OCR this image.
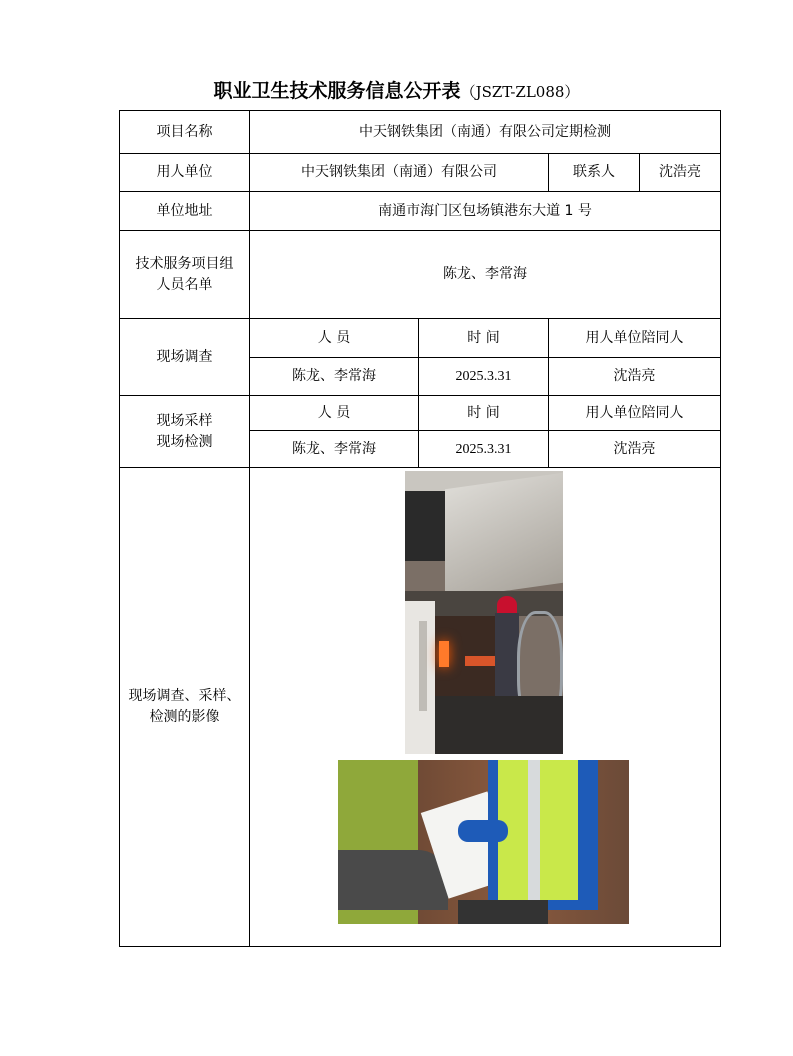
职业卫生技术服务信息公开表（JSZT-ZL088）
项目名称	中天钢铁集团（南通）有限公司定期检测			
用人单位	中天钢铁集团（南通）有限公司		联系人	沈浩亮
单位地址	南通市海门区包场镇港东大道 1 号			

技术服务项目组
人员名单	陈龙、李常海			
现场调查	人 员	时 间	用人单位陪同人	
	陈龙、李常海	2025.3.31	沈浩亮	

现场采样
现场检测	人 员	时 间	用人单位陪同人	
	陈龙、李常海	2025.3.31	沈浩亮	

现场调查、采样、
检测的影像				
